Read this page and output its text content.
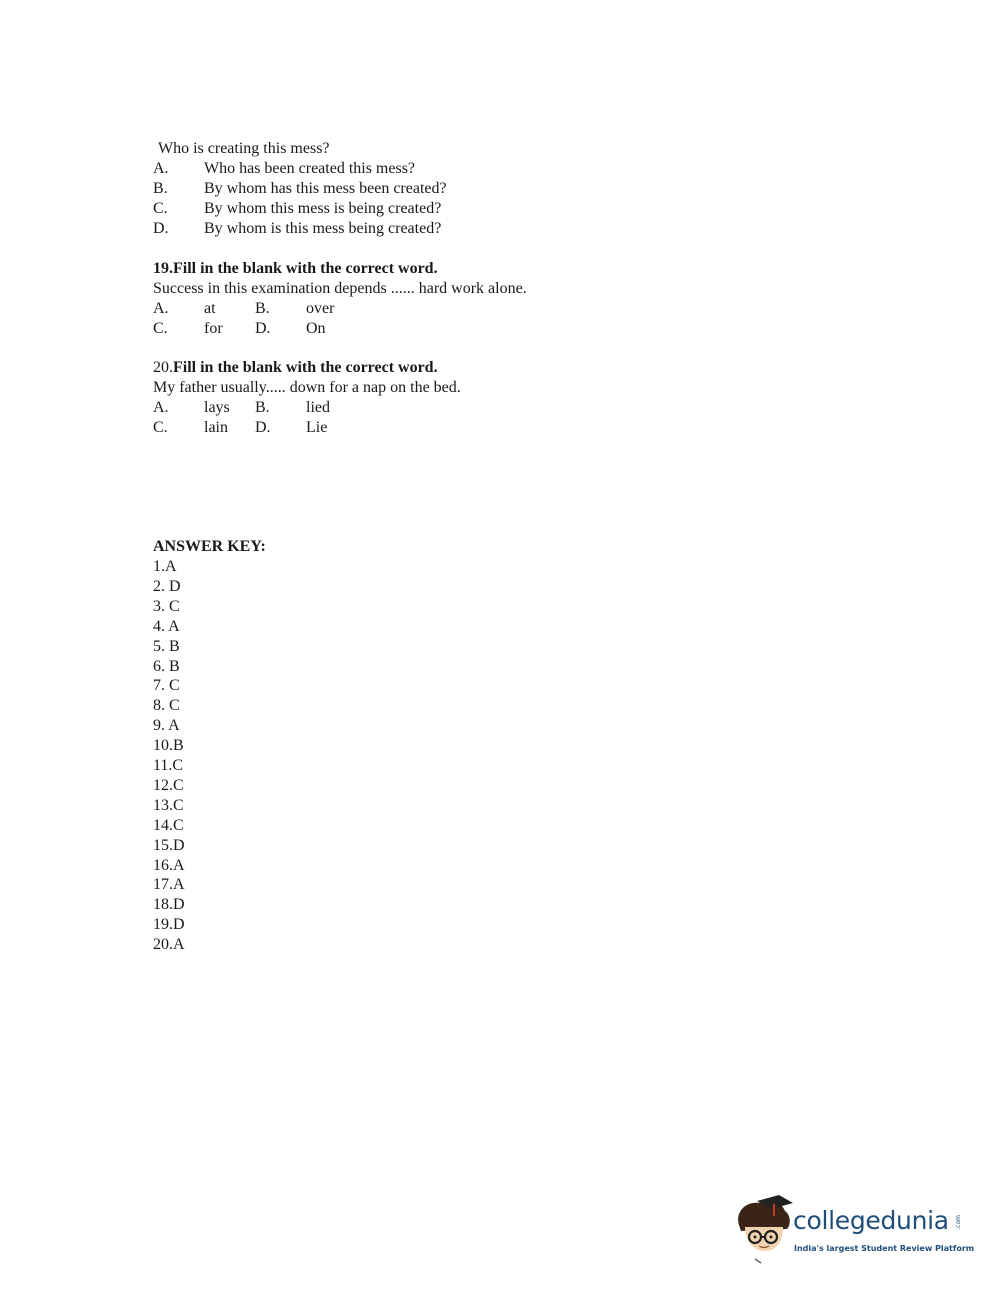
Who is creating this mess?
A. Who has been created this mess?
B. By whom has this mess been created?
C. By whom this mess is being created?
D. By whom is this mess being created?
19.Fill in the blank with the correct word.
Success in this examination depends ...... hard work alone.
A. at B. over
C. for D. On
20.Fill in the blank with the correct word.
My father usually..... down for a nap on the bed.
A. lays B. lied
C. lain D. Lie
ANSWER KEY:
1.A
2. D
3. C
4. A
5. B
6. B
7. C
8. C
9. A
10.B
11.C
12.C
13.C
14.C
15.D
16.A
17.A
18.D
19.D
20.A
collegedunia .com
India's largest Student Review Platform
